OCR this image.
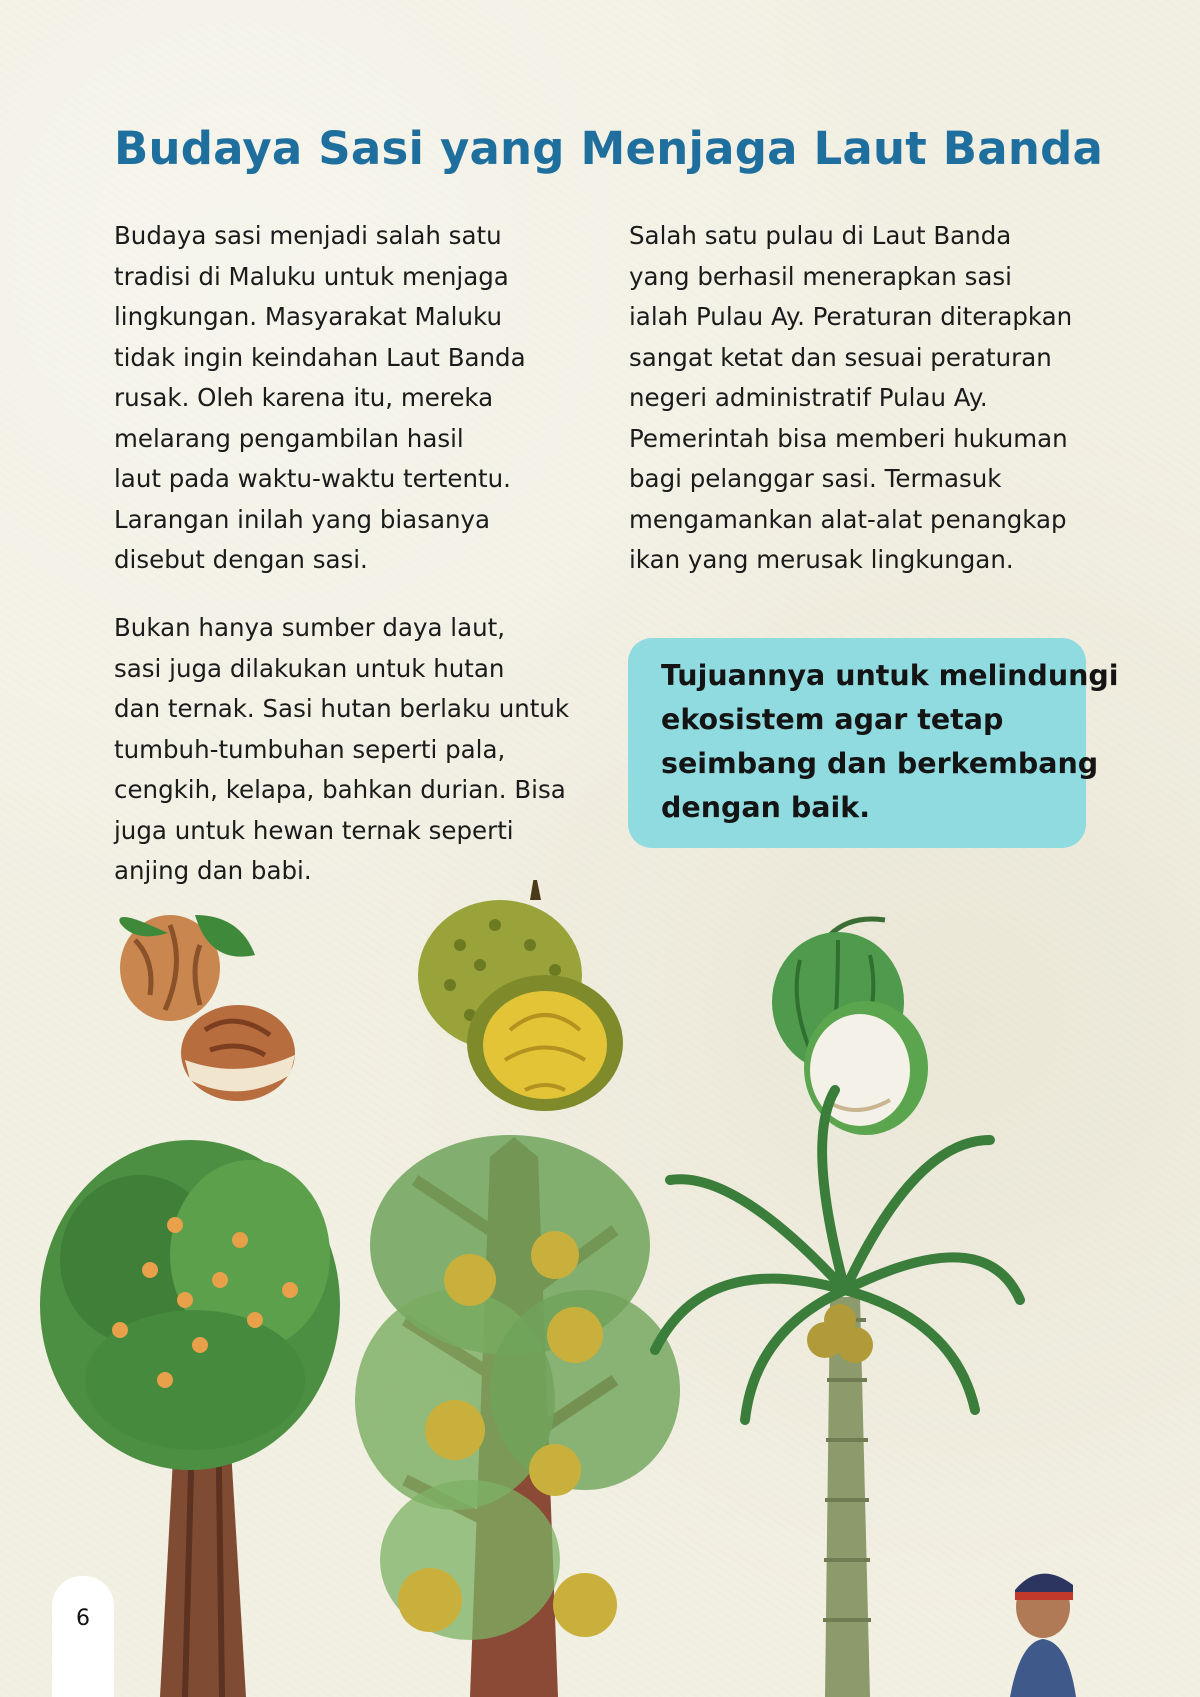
Budaya Sasi yang Menjaga Laut Banda

Budaya sasi menjadi salah satu
tradisi di Maluku untuk menjaga
lingkungan. Masyarakat Maluku
tidak ingin keindahan Laut Banda
rusak. Oleh karena itu, mereka
melarang pengambilan hasil
laut pada waktu-waktu tertentu.
Larangan inilah yang biasanya
disebut dengan sasi.

Bukan hanya sumber daya laut,
sasi juga dilakukan untuk hutan
dan ternak. Sasi hutan berlaku untuk
tumbuh-tumbuhan seperti pala,
cengkih, kelapa, bahkan durian. Bisa
juga untuk hewan ternak seperti
anjing dan babi.

Salah satu pulau di Laut Banda
yang berhasil menerapkan sasi
ialah Pulau Ay. Peraturan diterapkan
sangat ketat dan sesuai peraturan
negeri administratif Pulau Ay.
Pemerintah bisa memberi hukuman
bagi pelanggar sasi. Termasuk
mengamankan alat-alat penangkap
ikan yang merusak lingkungan.

Tujuannya untuk melindungi
ekosistem agar tetap
seimbang dan berkembang
dengan baik.
6
